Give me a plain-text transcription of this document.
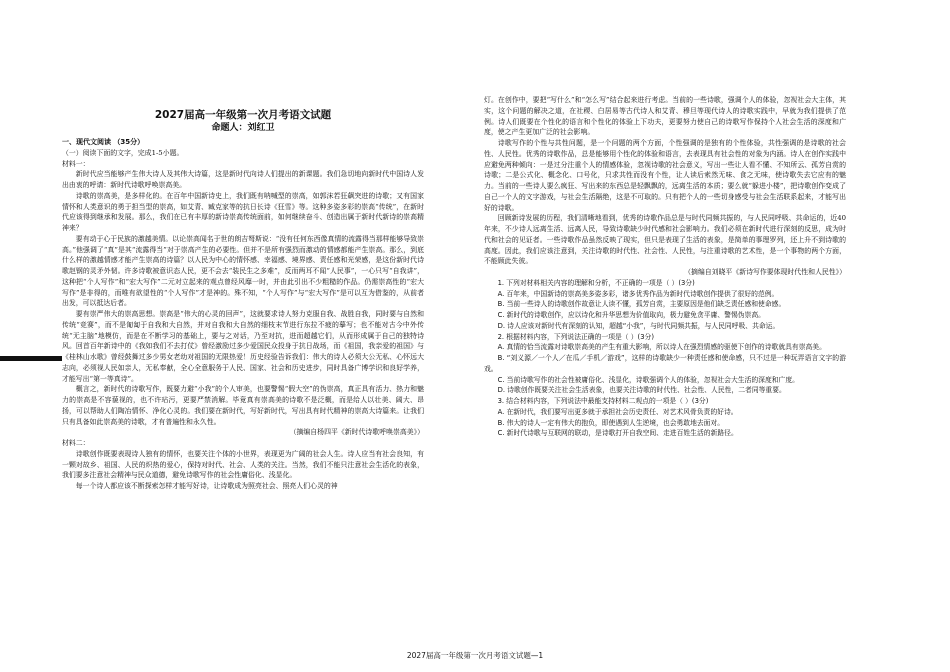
2027届高一年级第一次月考语文试题
命题人：刘红卫

一、现代文阅读 （35分）

（一）阅读下面的文字，完成1-5小题。

材料一：

新时代应当能够产生伟大诗人及其伟大诗篇，这是新时代向诗人们提出的新课题。我们急切地向新时代中国诗人发出由衷的呼请：新时代诗歌呼唤崇高美。

诗歌的崇高美，是多样化的。在百年中国新诗史上，我们既有呐喊型的崇高，如郭沫若狂飙突进的诗歌；又有国家情怀和人类意识的勇于担当型的崇高，如艾青、臧克家等的抗日长诗《狂雪》等。这种多姿多彩的崇高“传统”，在新时代应该得到继承和发展。那么，我们在已有丰厚的新诗崇高传统面前，如何继续奋斗、创造出属于新时代新诗的崇高精神来？

要有动于心于民族的激越美情。以论崇高闻名于世的朗吉弩斯说：“没有任何东西像真情的流露得当那样能够导致崇高。”他强调了“真”是其“流露得当”对于崇高产生的必要性。但并不是所有强烈而激动的情感都能产生崇高。那么，到底什么样的激越情感才能产生崇高的诗篇？以人民为中心的情怀感、幸福感、境界感、责任感和光荣感，是这份新时代诗歌赵钢的灵矛外韧。许多诗歌被意识态人民，更不会去“装民生之多难”，反而两耳不闻“人民事”，一心只写“自我讲”，这种把“个人写作”和“宏大写作”二元对立起来的观点曾经风靡一时，并由此引出不少粗糙的作品。仍需崇高性的“宏大写作”是非得的，而唯有欲望性的“个人写作”才是神的。殊不知，“个人写作”与“宏大写作”是可以互为借鉴的，从前者出发，可以抵达后者。

要有崇严伟大的崇高思想。崇高是“伟大的心灵的回声”，这就要求诗人努力克服自我、战胜自我，同时要与自然和传统“竞赛”，而不是匍匐于自我和大自然，并对自我和大自然的细枝末节进行东拉不疲的摹写；也不能对古今中外传统“无主脑”地模仿，而是在不断学习的基础上，要与之对话，乃至对抗，进而超越它们，从而形成属于自己的独特诗风。回首百年新诗中的《我如我们不去打仗》曾经激励过多少爱国民众投身于抗日战场，而《祖国，我亲爱的祖国》与《桂林山水歌》曾经鼓舞过多少男女老幼对祖国的无限热爱！历史经验告诉我们：伟大的诗人必须大公无私、心怀远大志向，必须视人民如亲人，无私奉献，全心全意服务于人民、国家、社会和历史进步，同时具备广博学识和良好学养，才能写出“第一等真诗”。

概言之，新时代的诗歌写作，既要力避“小我”的个人审美，也要警惕“假大空”的伪崇高，真正具有活力、热力和魅力的崇高是不容藐视的，也不许玷污，更要严禁消解。毕竟真有崇高美的诗歌不是泛概，而是给人以壮美、阔大、昂扬，可以帮助人们陶冶情怀、净化心灵的。我们要在新时代，写好新时代，写出具有时代精神的崇高大诗篇来。让我们只有具备如此崇高美的诗歌，才有普遍性和永久性。

（摘编自杨四平《新时代诗歌呼唤崇高美》）

材料二：

诗歌创作既要表现诗人独有的情怀，也要关注个体的小世界，表现更为广阔的社会人生。诗人应当有社会良知，有一颗对故乡、祖国、人民的炽热的爱心，保持对时代、社会、人类的关注。当然，我们不能只注意社会生活化的表象，我们要多注意社会精神与民众道德，避免诗歌写作的社会性庸俗化、浅显化。

每一个诗人都应该不断探索怎样才能写好诗，让诗歌成为照亮社会、照亮人们心灵的神

灯。在创作中，要把“写什么”和“怎么写”结合起来进行考虑。当前的一些诗歌，强调个人的体验，忽视社会大主体，其实，这个问题的解决之道，在社稷、白居易等古代诗人和艾青、穆旦等现代诗人的诗歌实践中，早就为我们提供了范例。诗人们既要在个性化的语言和个性化的体验上下功夫，更要努力使自己的诗歌写作保持个人社会生活的深度和广度，使之产生更加广泛的社会影响。

诗歌写作的个性与共性问题，是一个问题的两个方面，个性强调的是独有的个性体验，共性强调的是诗歌的社会性、人民性。优秀的诗歌作品，总是能够用个性化的体验和语言，去表现具有社会性的对象为内涵。诗人在创作实践中应避免两种倾向：一是过分注重个人的情感体验，忽视诗歌的社会意义，写出一些让人看不懂、不知所云、孤芳自赏的诗歌；二是公式化、概念化、口号化，只求共性而没有个性，让人读后索然无味、食之无味，使诗歌失去它应有的魅力。当前的一些诗人要么疯狂、写出来的东西总是轻飘飘的，远离生活的本质；要么就“躲进小楼”，把诗歌创作变成了自己一个人的文字游戏，与社会生活隔绝，这是不可取的。只有把个人的一些切身感受与社会生活联系起来，才能写出好的诗歌。

回顾新诗发展的历程，我们清晰地看到，优秀的诗歌作品总是与时代同频共振的，与人民同呼吸、共命运的，近40年来，不少诗人远离生活、远离人民，导致诗歌缺少时代感和社会影响力。我们必须在新时代进行深刻的反思，成为时代和社会的见证者。一些诗歌作品虽然反映了现实，但只是表现了生活的表象，是简单的事理罗列，还上升不到诗歌的高度。因此，我们应该注意到，关注诗歌的时代性、社会性、人民性，与注重诗歌的艺术性，是一个事物的两个方面，不能顾此失彼。

（摘编自刘晓平《新诗写作要体现时代性和人民性》）

1. 下列对材料相关内容的理解和分析，不正确的一项是（ ）(3分)

A. 百年来，中国新诗的崇高美多姿多彩，诸多优秀作品为新时代诗歌创作提供了很好的范例。

B. 当前一些诗人的诗歌创作故意让人读不懂，孤芳自赏，主要原因是他们缺乏责任感和使命感。

C. 新时代的诗歌创作，应以诗化和升华思想为价值取向，极力避免贪平庸、警惕伪崇高。

D. 诗人应该对新时代有深刻的认知，超越“小我”，与时代同频共振，与人民同呼吸、共命运。

2. 根据材料内容，下列说法正确的一项是（ ）(3分)

A. 真情的恰当流露对诗歌崇高美的产生有重大影响，所以诗人在强烈情感的驱使下创作的诗歌就具有崇高美。

B. “刘义源／一个人／在瓜／手机／游戏”，这样的诗歌缺少一种责任感和使命感，只不过是一种玩弄语言文字的游戏。

C. 当前诗歌写作的社会性被庸俗化、浅显化，诗歌强调个人的体验，忽视社会大生活的深度和广度。

D. 诗歌创作既要关注社会生活表象，也要关注诗歌的时代性、社会性、人民性，二者同等重要。

3. 结合材料内容，下列说法中最能支持材料二观点的一项是（ ）(3分)

A. 在新时代，我们要写出更多就于承担社会历史责任、对艺术风骨负责的好诗。

B. 伟大的诗人一定有伟大的抱负，即使遇到人生逆境，也会勇敢地去面对。

C. 新时代诗歌与互联网的联动，是诗歌打开自我空间、走进百姓生活的新路径。

2027届高一年级第一次月考语文试题—1
